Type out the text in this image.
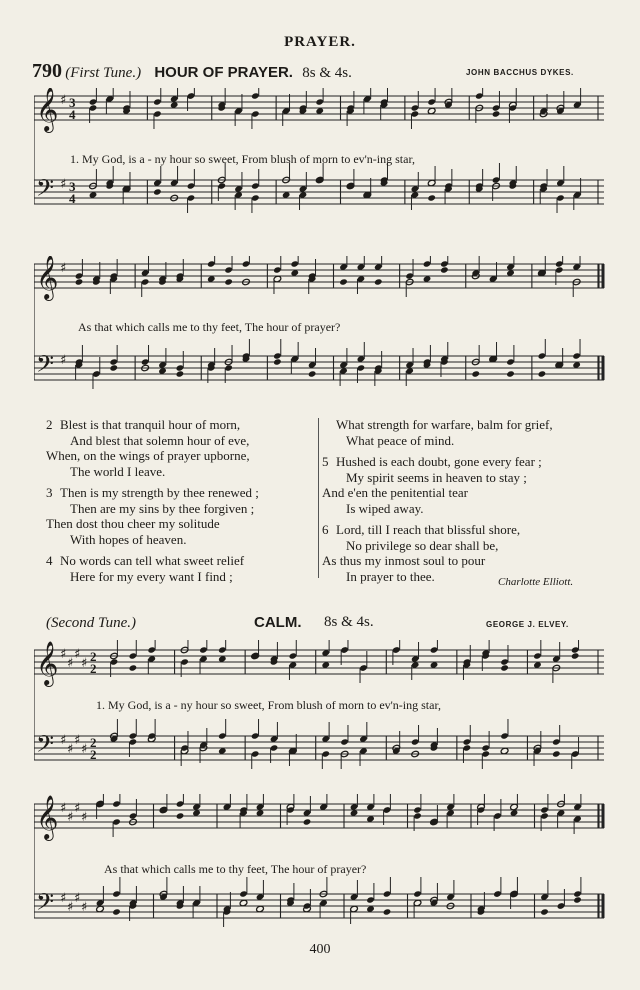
PRAYER.
790 (First Tune.) HOUR OF PRAYER. 8s & 4s.	JOHN BACCHUS DYKES.
𝄞 ♯ 3
4
𝄢 ♯ 3
4
1. My God, is a - ny hour so sweet, From blush of morn to ev'n-ing star,
𝄞 ♯
𝄢 ♯
As that which calls me to thy feet, The hour of prayer?
2 Blest is that tranquil hour of morn,
And blest that solemn hour of eve,
When, on the wings of prayer upborne,
The world I leave.
3 Then is my strength by thee renewed ;
Then are my sins by thee forgiven ;
Then dost thou cheer my solitude
With hopes of heaven.
4 No words can tell what sweet relief
Here for my every want I find ;
What strength for warfare, balm for grief,
What peace of mind.
5 Hushed is each doubt, gone every fear ;
My spirit seems in heaven to stay ;
And e'en the penitential tear
Is wiped away.
6 Lord, till I reach that blissful shore,
No privilege so dear shall be,
As thus my inmost soul to pour
In prayer to thee.	Charlotte Elliott.
(Second Tune.)	CALM. 8s & 4s.	GEORGE J. ELVEY.
𝄞 ♯
♯
♯
♯ 2
2
𝄢 ♯
♯
♯
♯ 2
2
1. My God, is a - ny hour so sweet, From blush of morn to ev'n-ing star,
𝄞 ♯
♯
♯
♯
𝄢 ♯
♯
♯
♯
As that which calls me to thy feet, The hour of prayer?
400
